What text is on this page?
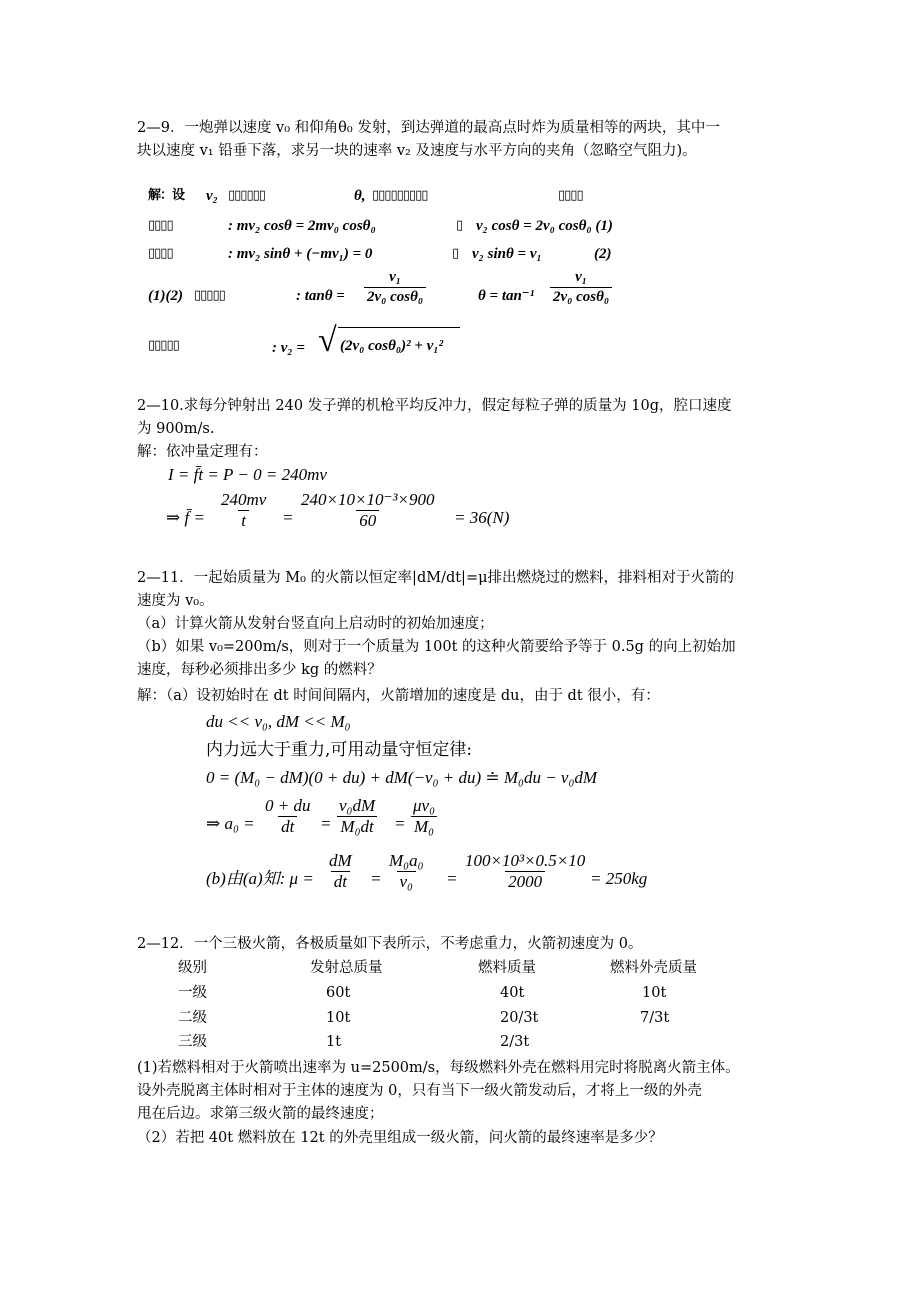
2—9．一炮弹以速度 v₀ 和仰角θ₀ 发射，到达弹道的最高点时炸为质量相等的两块，其中一
块以速度 v₁ 铅垂下落，求另一块的速率 v₂ 及速度与水平方向的夹角（忽略空气阻力)。
解：设 v₂ ▯▯▯▯▯▯	θ, ▯▯▯▯▯▯▯▯▯	▯▯▯▯
▯▯▯▯	: mv₂ cosθ = 2mv₀ cosθ₀	▯ v₂ cosθ = 2v₀ cosθ₀ (1)
▯▯▯▯	: mv₂ sinθ + (−mv₁) = 0	▯ v₂ sinθ = v₁	(2)
(1)(2) ▯▯▯▯▯	: $\tan\theta = \frac{\text{v₁}}{\text{2v₀ cosθ₀}}$	$\theta = \tan^{-1} \frac{\text{v₁}}{\text{2v₀ cosθ₀}}$
▯▯▯▯▯	: v₂ = √ (2v₀ cosθ₀)² + v₁²
2—10.求每分钟射出 240 发子弹的机枪平均反冲力，假定每粒子弹的质量为 10g，腔口速度
为 900m/s.
解：依冲量定理有：
I = f̄t = P − 0 = 240mv
⇒ f̄ = $\frac{240mv}{t} = \frac{\text{240×10×10⁻³×900}}{60} = 36(N)$
2—11．一起始质量为 M₀ 的火箭以恒定率|dM/dt|=μ排出燃烧过的燃料，排料相对于火箭的
速度为 v₀。
（a）计算火箭从发射台竖直向上启动时的初始加速度；
（b）如果 v₀=200m/s，则对于一个质量为 100t 的这种火箭要给予等于 0.5g 的向上初始加
速度，每秒必须排出多少 kg 的燃料？
解：（a）设初始时在 dt 时间间隔内，火箭增加的速度是 du，由于 dt 很小，有：
du << v₀, dM << M₀
内力远大于重力,可用动量守恒定律:
0 = (M₀ − dM)(0 + du) + dM(−v₀ + du) ≐ M₀du − v₀dM
⇒ $a_0 = \frac{0 + du}{dt} = \frac{\text{v₀dM}}{\text{M₀dt}} = \frac{\text{μv₀}}{\text{M₀}}$
(b)由(a)知: $\mu = \frac{dM}{dt} = \frac{\text{M₀a₀}}{\text{v₀}} = \frac{\text{100×10³×0.5×10}}{2000} = 250kg$
2—12．一个三极火箭，各极质量如下表所示，不考虑重力，火箭初速度为 0。
级别	发射总质量	燃料质量	燃料外壳质量
一级	60t	40t	10t
二级	10t	20/3t	7/3t
三级	1t	2/3t
(1)若燃料相对于火箭喷出速率为 u=2500m/s，每级燃料外壳在燃料用完时将脱离火箭主体。
设外壳脱离主体时相对于主体的速度为 0，只有当下一级火箭发动后，才将上一级的外壳
甩在后边。求第三级火箭的最终速度；
（2）若把 40t 燃料放在 12t 的外壳里组成一级火箭，问火箭的最终速率是多少？
